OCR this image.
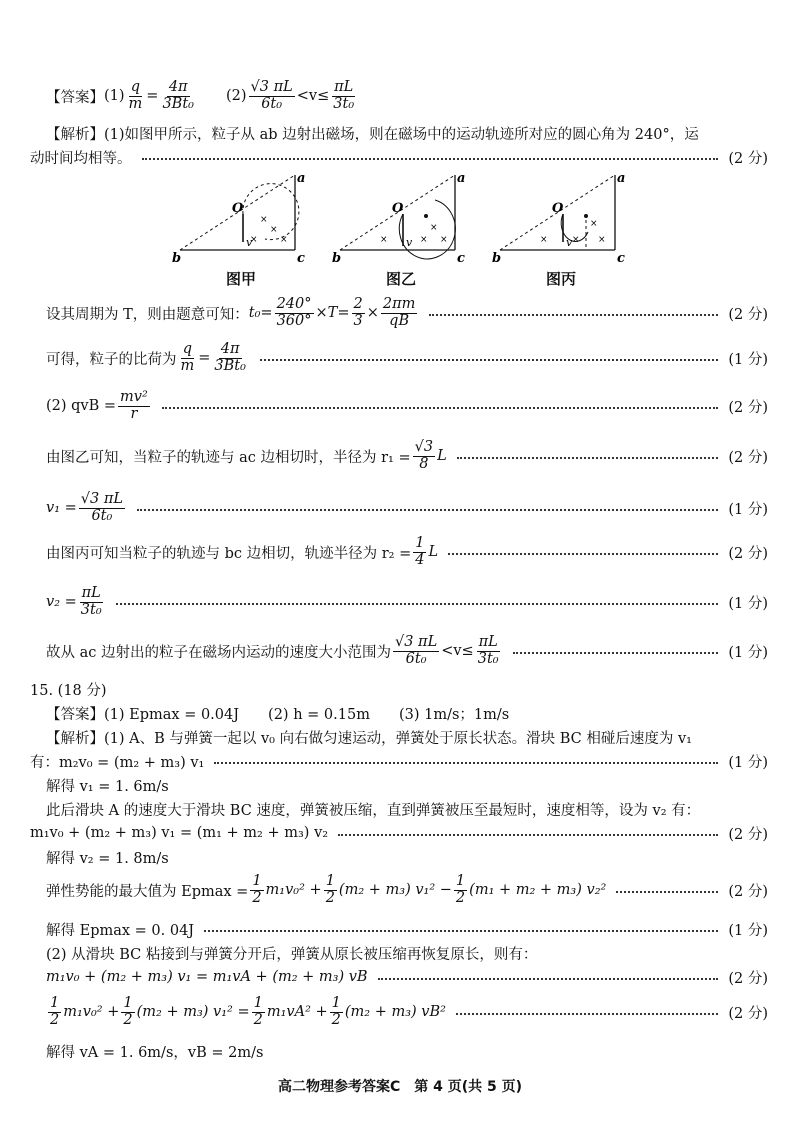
【答案】 $(1) \frac{q}{m} = \frac{4\pi}{\text{3Bt₀}} (2) \frac{√3 \pi L}{\text{6t₀}} <v\le \frac{\pi L}{\text{3t₀}}$
【解析】 (1)如图甲所示，粒子从 ab 边射出磁场，则在磁场中的运动轨迹所对应的圆心角为 240°，运
动时间均相等。	(2 分)
O
v
a
b	c
×
×
×
×
O
v
a
b	c
×	× ×
×
O
v
a
b	c
×	× ×
×
图甲	图乙	图丙
设其周期为 T，则由题意可知： $t_0 = \frac{240^\circ}{360^\circ} \times T= \frac{2}{3} \times \frac{2\pi m}{qB}$	(2 分)
可得，粒子的比荷为 $\frac{q}{m} = \frac{4\pi}{\text{3Bt₀}}$	(1 分)
(2) qvB = $\frac{\text{mv²}}{r}$	(2 分)
由图乙可知，当粒子的轨迹与 ac 边相切时，半径为 $r_1 = \frac{√3}{8}$ L	(2 分)
$v_1 = \frac{√3 \pi L}{\text{6t₀}}$	(1 分)
由图丙可知当粒子的轨迹与 bc 边相切，轨迹半径为 $r_2 = \frac{1}{4}$ L	(2 分)
$v_2 = \frac{\pi L}{\text{3t₀}}$	(1 分)
故从 ac 边射出的粒子在磁场内运动的速度大小范围为 $\frac{√3 \pi L}{\text{6t₀}} <v\le \frac{\pi L}{\text{3t₀}}$	(1 分)
15. (18 分)
【答案】(1) Epmax = 0.04J　　(2) h = 0.15m　　(3) 1m/s；1m/s
【解析】(1) A、B 与弹簧一起以 v₀ 向右做匀速运动，弹簧处于原长状态。滑块 BC 相碰后速度为 v₁
有：m₂v₀ = (m₂ + m₃) v₁	(1 分)
解得 v₁ = 1. 6m/s
此后滑块 A 的速度大于滑块 BC 速度，弹簧被压缩，直到弹簧被压至最短时，速度相等，设为 v₂ 有：
m₁v₀ + (m₂ + m₃) v₁ = (m₁ + m₂ + m₃) v₂	(2 分)
解得 v₂ = 1. 8m/s
弹性势能的最大值为 $Epmax = \frac{1}{2} m_1v_0^2 + \frac{1}{2} (m_2 + m_3) v_1^2 - \frac{1}{2} (m_1 + m_2 + m_3)$ v₂²	(2 分)
解得 Epmax = 0. 04J	(1 分)
(2) 从滑块 BC 粘接到与弹簧分开后，弹簧从原长被压缩再恢复原长，则有：
m₁v₀ + (m₂ + m₃) v₁ = m₁vA + (m₂ + m₃) vB	(2 分)
$\frac{1}{2} m_1v_0^2 + \frac{1}{2} (m_2 + m_3) v_1^2 = \frac{1}{2} m_1vA^2 + \frac{1}{2} (m_2 + m_3)$ vB²	(2 分)
解得 vA = 1. 6m/s，vB = 2m/s
高二物理参考答案C　第 4 页(共 5 页)
